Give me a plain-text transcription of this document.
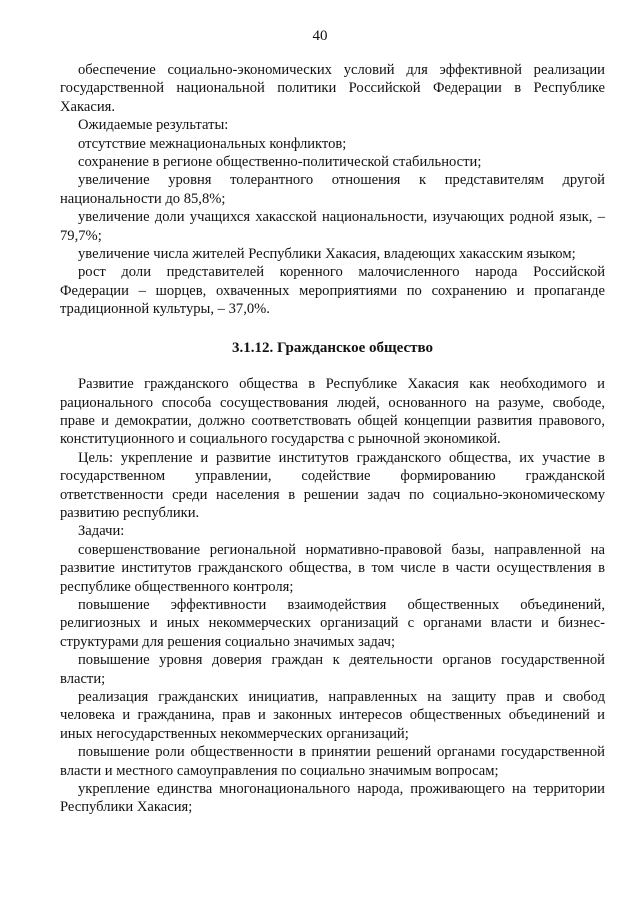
40

обеспечение социально-экономических условий для эффективной реализации государственной национальной политики Российской Федерации в Республике Хакасия.

Ожидаемые результаты:

отсутствие межнациональных конфликтов;

сохранение в регионе общественно-политической стабильности;

увеличение уровня толерантного отношения к представителям другой национальности до 85,8%;

увеличение доли учащихся хакасской национальности, изучающих родной язык, – 79,7%;

увеличение числа жителей Республики Хакасия, владеющих хакасским языком;

рост доли представителей коренного малочисленного народа Российской Федерации – шорцев, охваченных мероприятиями по сохранению и пропаганде традиционной культуры, – 37,0%.

3.1.12. Гражданское общество

Развитие гражданского общества в Республике Хакасия как необходимого и рационального способа сосуществования людей, основанного на разуме, свободе, праве и демократии, должно соответствовать общей концепции развития правового, конституционного и социального государства с рыночной экономикой.

Цель: укрепление и развитие институтов гражданского общества, их участие в государственном управлении, содействие формированию гражданской ответственности среди населения в решении задач по социально-экономическому развитию республики.

Задачи:

совершенствование региональной нормативно-правовой базы, направленной на развитие институтов гражданского общества, в том числе в части осуществления в республике общественного контроля;

повышение эффективности взаимодействия общественных объединений, религиозных и иных некоммерческих организаций с органами власти и бизнес-структурами для решения социально значимых задач;

повышение уровня доверия граждан к деятельности органов государственной власти;

реализация гражданских инициатив, направленных на защиту прав и свобод человека и гражданина, прав и законных интересов общественных объединений и иных негосударственных некоммерческих организаций;

повышение роли общественности в принятии решений органами государственной власти и местного самоуправления по социально значимым вопросам;

укрепление единства многонационального народа, проживающего на территории Республики Хакасия;
